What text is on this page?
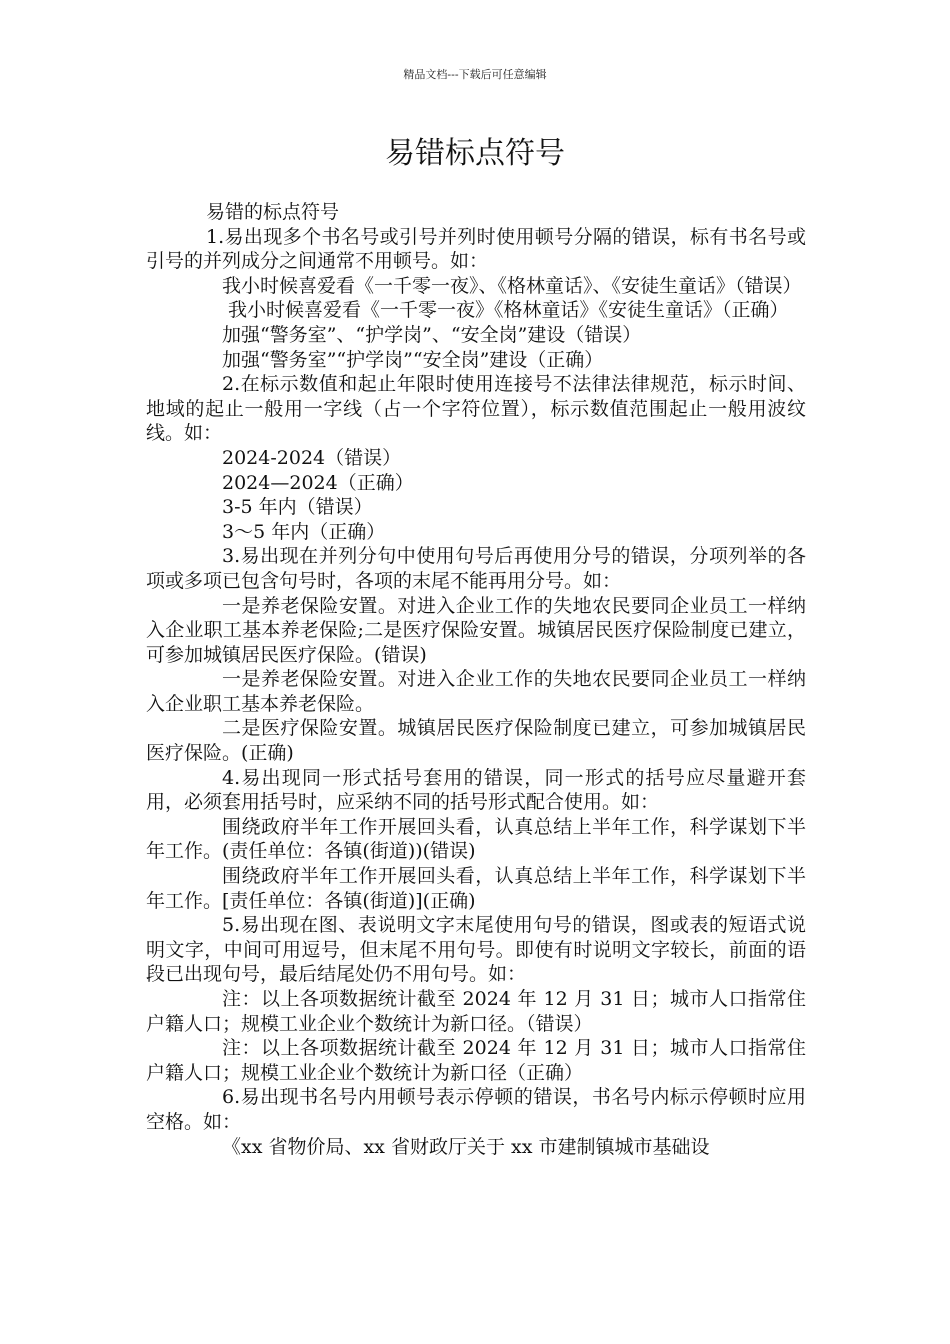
精品文档---下载后可任意编辑
易错标点符号

易错的标点符号

1.易出现多个书名号或引号并列时使用顿号分隔的错误，标有书名号或引号的并列成分之间通常不用顿号。如：

我小时候喜爱看《一千零一夜》、《格林童话》、《安徒生童话》（错误）

我小时候喜爱看《一千零一夜》《格林童话》《安徒生童话》（正确）

加强“警务室”、“护学岗”、“安全岗”建设（错误）

加强“警务室”“护学岗”“安全岗”建设（正确）

2.在标示数值和起止年限时使用连接号不法律法律规范，标示时间、地域的起止一般用一字线（占一个字符位置），标示数值范围起止一般用波纹线。如：

2024-2024（错误）

2024—2024（正确）

3-5 年内（错误）

3～5 年内（正确）

3.易出现在并列分句中使用句号后再使用分号的错误，分项列举的各项或多项已包含句号时，各项的末尾不能再用分号。如：

一是养老保险安置。对进入企业工作的失地农民要同企业员工一样纳入企业职工基本养老保险;二是医疗保险安置。城镇居民医疗保险制度已建立，可参加城镇居民医疗保险。(错误)

一是养老保险安置。对进入企业工作的失地农民要同企业员工一样纳入企业职工基本养老保险。

二是医疗保险安置。城镇居民医疗保险制度已建立，可参加城镇居民医疗保险。(正确)

4.易出现同一形式括号套用的错误，同一形式的括号应尽量避开套用，必须套用括号时，应采纳不同的括号形式配合使用。如：

围绕政府半年工作开展回头看，认真总结上半年工作，科学谋划下半年工作。(责任单位：各镇(街道))(错误)

围绕政府半年工作开展回头看，认真总结上半年工作，科学谋划下半年工作。[责任单位：各镇(街道)](正确)

5.易出现在图、表说明文字末尾使用句号的错误，图或表的短语式说明文字，中间可用逗号，但末尾不用句号。即使有时说明文字较长，前面的语段已出现句号，最后结尾处仍不用句号。如：

注：以上各项数据统计截至 2024 年 12 月 31 日；城市人口指常住户籍人口；规模工业企业个数统计为新口径。（错误）

注：以上各项数据统计截至 2024 年 12 月 31 日；城市人口指常住户籍人口；规模工业企业个数统计为新口径（正确）

6.易出现书名号内用顿号表示停顿的错误，书名号内标示停顿时应用空格。如：

《xx 省物价局、xx 省财政厅关于 xx 市建制镇城市基础设
